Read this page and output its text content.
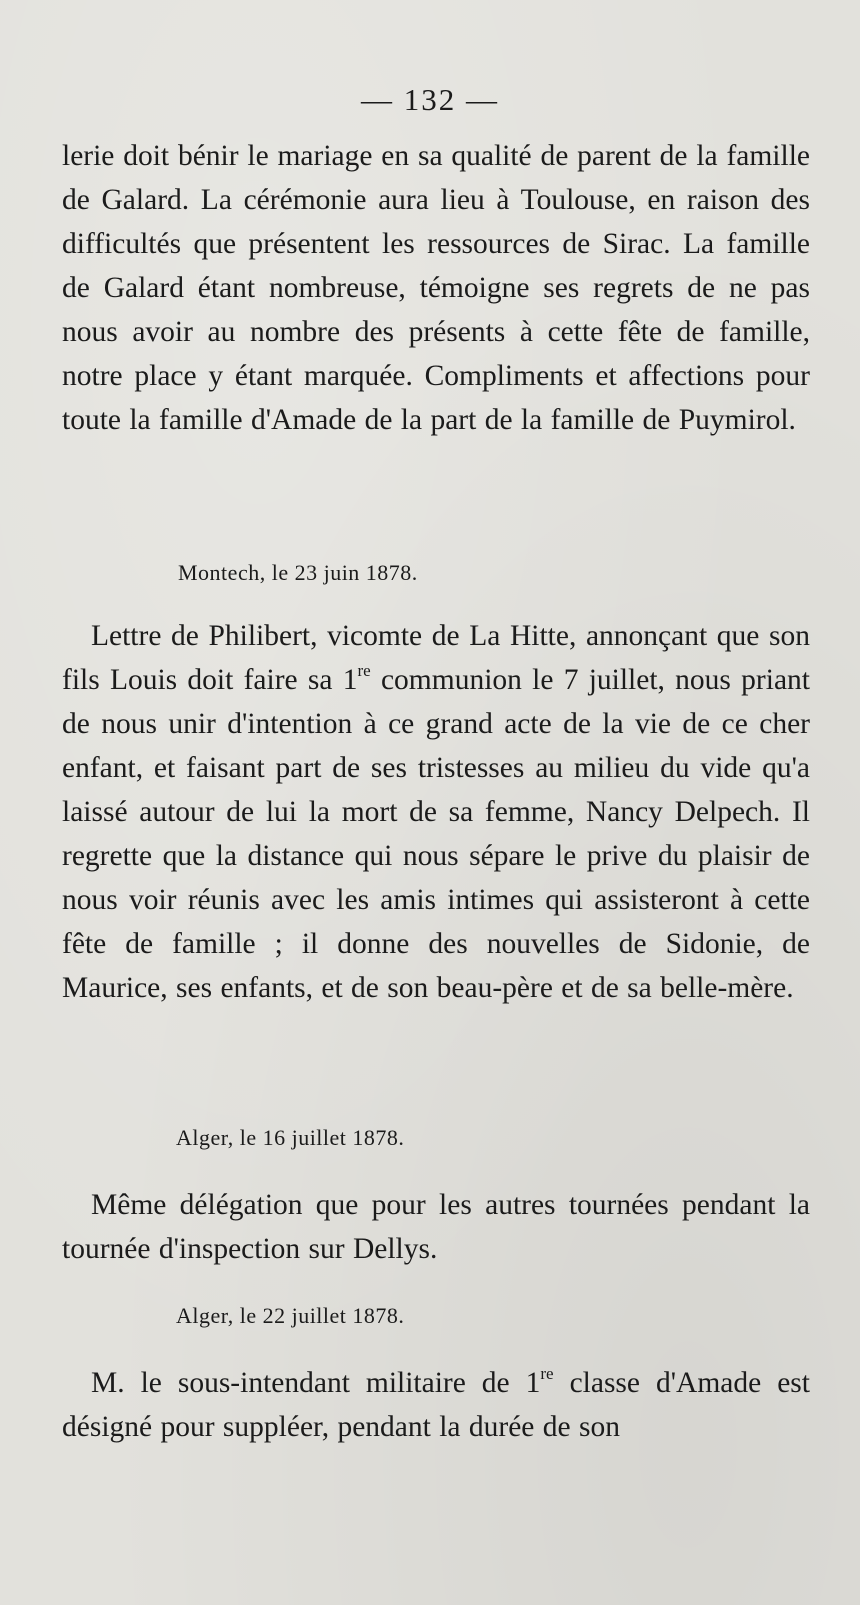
— 132 —

lerie doit bénir le mariage en sa qualité de parent de la famille de Galard. La cérémonie aura lieu à Toulouse, en raison des difficultés que présentent les ressources de Sirac. La famille de Galard étant nombreuse, témoigne ses regrets de ne pas nous avoir au nombre des présents à cette fête de famille, notre place y étant marquée. Compliments et affections pour toute la famille d'Amade de la part de la famille de Puymirol.

Montech, le 23 juin 1878.

Lettre de Philibert, vicomte de La Hitte, annonçant que son fils Louis doit faire sa 1re communion le 7 juillet, nous priant de nous unir d'intention à ce grand acte de la vie de ce cher enfant, et faisant part de ses tristesses au milieu du vide qu'a laissé autour de lui la mort de sa femme, Nancy Delpech. Il regrette que la distance qui nous sépare le prive du plaisir de nous voir réunis avec les amis intimes qui assisteront à cette fête de famille ; il donne des nouvelles de Sidonie, de Maurice, ses enfants, et de son beau-père et de sa belle-mère.

Alger, le 16 juillet 1878.

Même délégation que pour les autres tournées pendant la tournée d'inspection sur Dellys.

Alger, le 22 juillet 1878.

M. le sous-intendant militaire de 1re classe d'Amade est désigné pour suppléer, pendant la durée de son
